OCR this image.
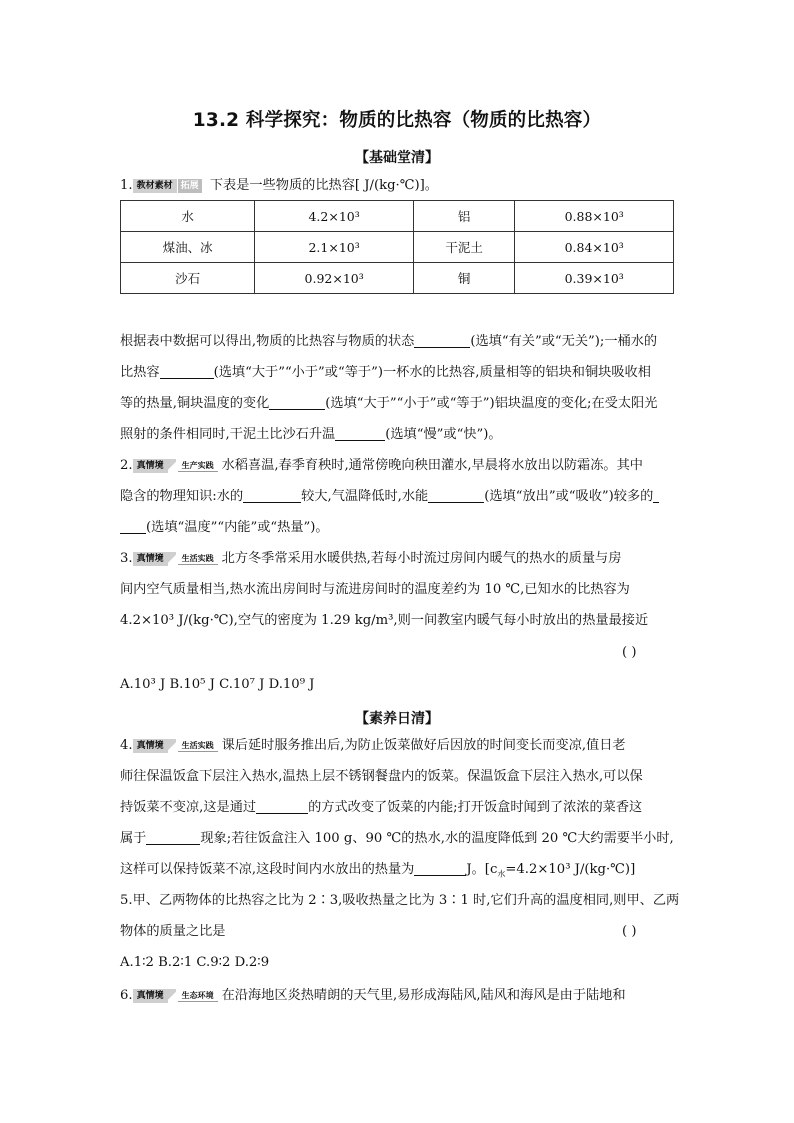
13.2 科学探究：物质的比热容（物质的比热容）
【基础堂清】
1. 教材素材 拓展 下表是一些物质的比热容[ J/(kg·℃)]。
水	4.2×10³	铝	0.88×10³
煤油、冰	2.1×10³	干泥土	0.84×10³
沙石	0.92×10³	铜	0.39×10³
根据表中数据可以得出,物质的比热容与物质的状态	(选填“有关”或“无关”);一桶水的
比热容	(选填“大于”“小于”或“等于”)一杯水的比热容,质量相等的铝块和铜块吸收相
等的热量,铜块温度的变化	(选填“大于”“小于”或“等于”)铝块温度的变化;在受太阳光
照射的条件相同时,干泥土比沙石升温	(选填“慢”或“快”)。
2. 真情境 生产实践 水稻喜温,春季育秧时,通常傍晚向秧田灌水,早晨将水放出以防霜冻。其中
隐含的物理知识:水的	较大,气温降低时,水能	(选填“放出”或“吸收”)较多的
(选填“温度”“内能”或“热量”)。
3. 真情境 生活实践 北方冬季常采用水暖供热,若每小时流过房间内暖气的热水的质量与房
间内空气质量相当,热水流出房间时与流进房间时的温度差约为 10 ℃,已知水的比热容为
4.2×10³ J/(kg·℃),空气的密度为 1.29 kg/m³,则一间教室内暖气每小时放出的热量最接近
( )
A.10³ J B.10⁵ J C.10⁷ J D.10⁹ J
【素养日清】
4. 真情境 生活实践 课后延时服务推出后,为防止饭菜做好后因放的时间变长而变凉,值日老
师往保温饭盒下层注入热水,温热上层不锈钢餐盘内的饭菜。保温饭盒下层注入热水,可以保
持饭菜不变凉,这是通过	的方式改变了饭菜的内能;打开饭盒时闻到了浓浓的菜香这
属于	现象;若往饭盒注入 100 g、90 ℃的热水,水的温度降低到 20 ℃大约需要半小时,
这样可以保持饭菜不凉,这段时间内水放出的热量为	J。[$c_水=4.2\times 10^3$ J/(kg·℃)]
5.甲、乙两物体的比热容之比为 2∶3,吸收热量之比为 3∶1 时,它们升高的温度相同,则甲、乙两
物体的质量之比是	( )
A.1∶2 B.2∶1 C.9∶2 D.2∶9
6. 真情境 生态环境 在沿海地区炎热晴朗的天气里,易形成海陆风,陆风和海风是由于陆地和
